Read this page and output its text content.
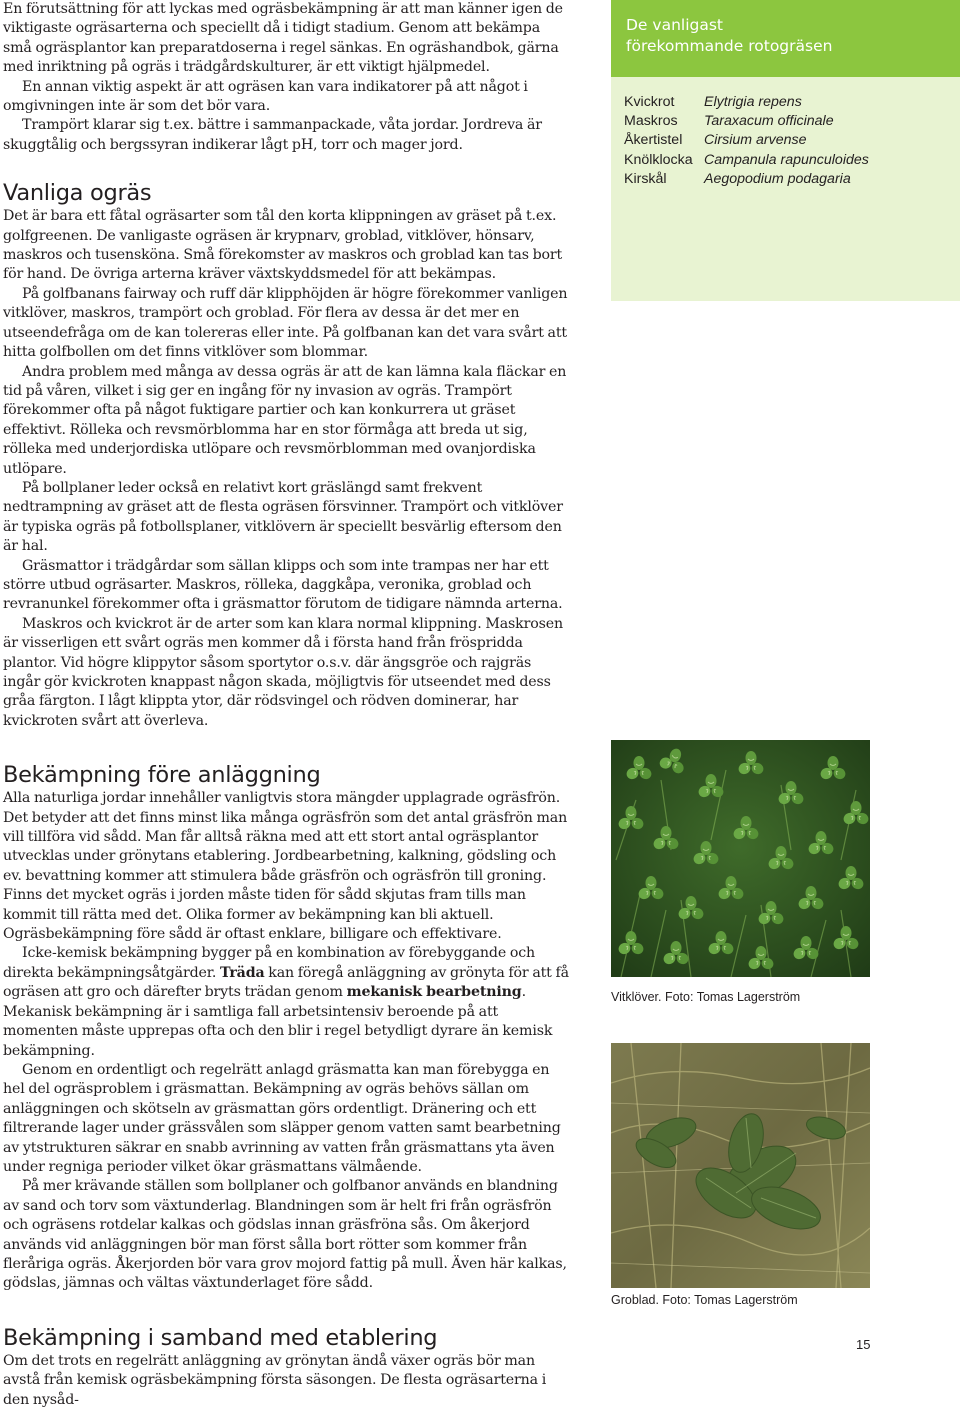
En förutsättning för att lyckas med ogräsbekämpning är att man känner igen de viktigaste ogräsarterna och speciellt då i tidigt stadium. Genom att bekämpa små ogräsplantor kan preparatdoserna i regel sänkas. En ogräshandbok, gärna med inriktning på ogräs i trädgårdskulturer, är ett viktigt hjälpmedel.

En annan viktig aspekt är att ogräsen kan vara indikatorer på att något i omgivningen inte är som det bör vara.

Trampört klarar sig t.ex. bättre i sammanpackade, våta jordar. Jordreva är skuggtålig och bergssyran indikerar lågt pH, torr och mager jord.

Vanliga ogräs

Det är bara ett fåtal ogräsarter som tål den korta klippningen av gräset på t.ex. golfgreenen. De vanligaste ogräsen är krypnarv, groblad, vitklöver, hönsarv, maskros och tusensköna. Små förekomster av maskros och groblad kan tas bort för hand. De övriga arterna kräver växtskyddsmedel för att bekämpas.

På golfbanans fairway och ruff där klipphöjden är högre förekommer vanligen vitklöver, maskros, trampört och groblad. För flera av dessa är det mer en utseendefråga om de kan tolereras eller inte. På golfbanan kan det vara svårt att hitta golfbollen om det finns vitklöver som blommar.

Andra problem med många av dessa ogräs är att de kan lämna kala fläckar en tid på våren, vilket i sig ger en ingång för ny invasion av ogräs. Trampört förekommer ofta på något fuktigare partier och kan konkurrera ut gräset effektivt. Rölleka och revsmörblomma har en stor förmåga att breda ut sig, rölleka med underjordiska utlöpare och revsmörblomman med ovanjordiska utlöpare.

På bollplaner leder också en relativt kort gräslängd samt frekvent nedtrampning av gräset att de flesta ogräsen försvinner. Trampört och vitklöver är typiska ogräs på fotbollsplaner, vitklövern är speciellt besvärlig eftersom den är hal.

Gräsmattor i trädgårdar som sällan klipps och som inte trampas ner har ett större utbud ogräsarter. Maskros, rölleka, daggkåpa, veronika, groblad och revranunkel förekommer ofta i gräsmattor förutom de tidigare nämnda arterna.

Maskros och kvickrot är de arter som kan klara normal klippning. Maskrosen är visserligen ett svårt ogräs men kommer då i första hand från fröspridda plantor. Vid högre klippytor såsom sportytor o.s.v. där ängsgröe och rajgräs ingår gör kvickroten knappast någon skada, möjligtvis för utseendet med dess gråa färgton. I lågt klippta ytor, där rödsvingel och rödven dominerar, har kvickroten svårt att överleva.

Bekämpning före anläggning

Alla naturliga jordar innehåller vanligtvis stora mängder upplagrade ogräsfrön. Det betyder att det finns minst lika många ogräsfrön som det antal gräsfrön man vill tillföra vid sådd. Man får alltså räkna med att ett stort antal ogräsplantor utvecklas under grönytans etablering. Jordbearbetning, kalkning, gödsling och ev. bevattning kommer att stimulera både gräsfrön och ogräsfrön till groning. Finns det mycket ogräs i jorden måste tiden för sådd skjutas fram tills man kommit till rätta med det. Olika former av bekämpning kan bli aktuell. Ogräsbekämpning före sådd är oftast enklare, billigare och effektivare.

Icke-kemisk bekämpning bygger på en kombination av förebyggande och direkta bekämpningsåtgärder. Träda kan föregå anläggning av grönyta för att få ogräsen att gro och därefter bryts trädan genom mekanisk bearbetning. Mekanisk bekämpning är i samtliga fall arbetsintensiv beroende på att momenten måste upprepas ofta och den blir i regel betydligt dyrare än kemisk bekämpning.

Genom en ordentligt och regelrätt anlagd gräsmatta kan man förebygga en hel del ogräsproblem i gräsmattan. Bekämpning av ogräs behövs sällan om anläggningen och skötseln av gräsmattan görs ordentligt. Dränering och ett filtrerande lager under grässvålen som släpper genom vatten samt bearbetning av ytstrukturen säkrar en snabb avrinning av vatten från gräsmattans yta även under regniga perioder vilket ökar gräsmattans välmående.

På mer krävande ställen som bollplaner och golfbanor används en blandning av sand och torv som växtunderlag. Blandningen som är helt fri från ogräsfrön och ogräsens rotdelar kalkas och gödslas innan gräsfröna sås. Om åkerjord används vid anläggningen bör man först sålla bort rötter som kommer från fleråriga ogräs. Åkerjorden bör vara grov mojord fattig på mull. Även här kalkas, gödslas, jämnas och vältas växtunderlaget före sådd.

Bekämpning i samband med etablering

Om det trots en regelrätt anläggning av grönytan ändå växer ogräs bör man avstå från kemisk ogräsbekämpning första säsongen. De flesta ogräsarterna i den nysåd-

De vanligast
förekommande rotogräsen
Kvickrot	Elytrigia repens
Maskros	Taraxacum officinale
Åkertistel	Cirsium arvense
Knölklocka	Campanula rapunculoides
Kirskål	Aegopodium podagaria
Vitklöver. Foto: Tomas Lagerström
Groblad. Foto: Tomas Lagerström
15
